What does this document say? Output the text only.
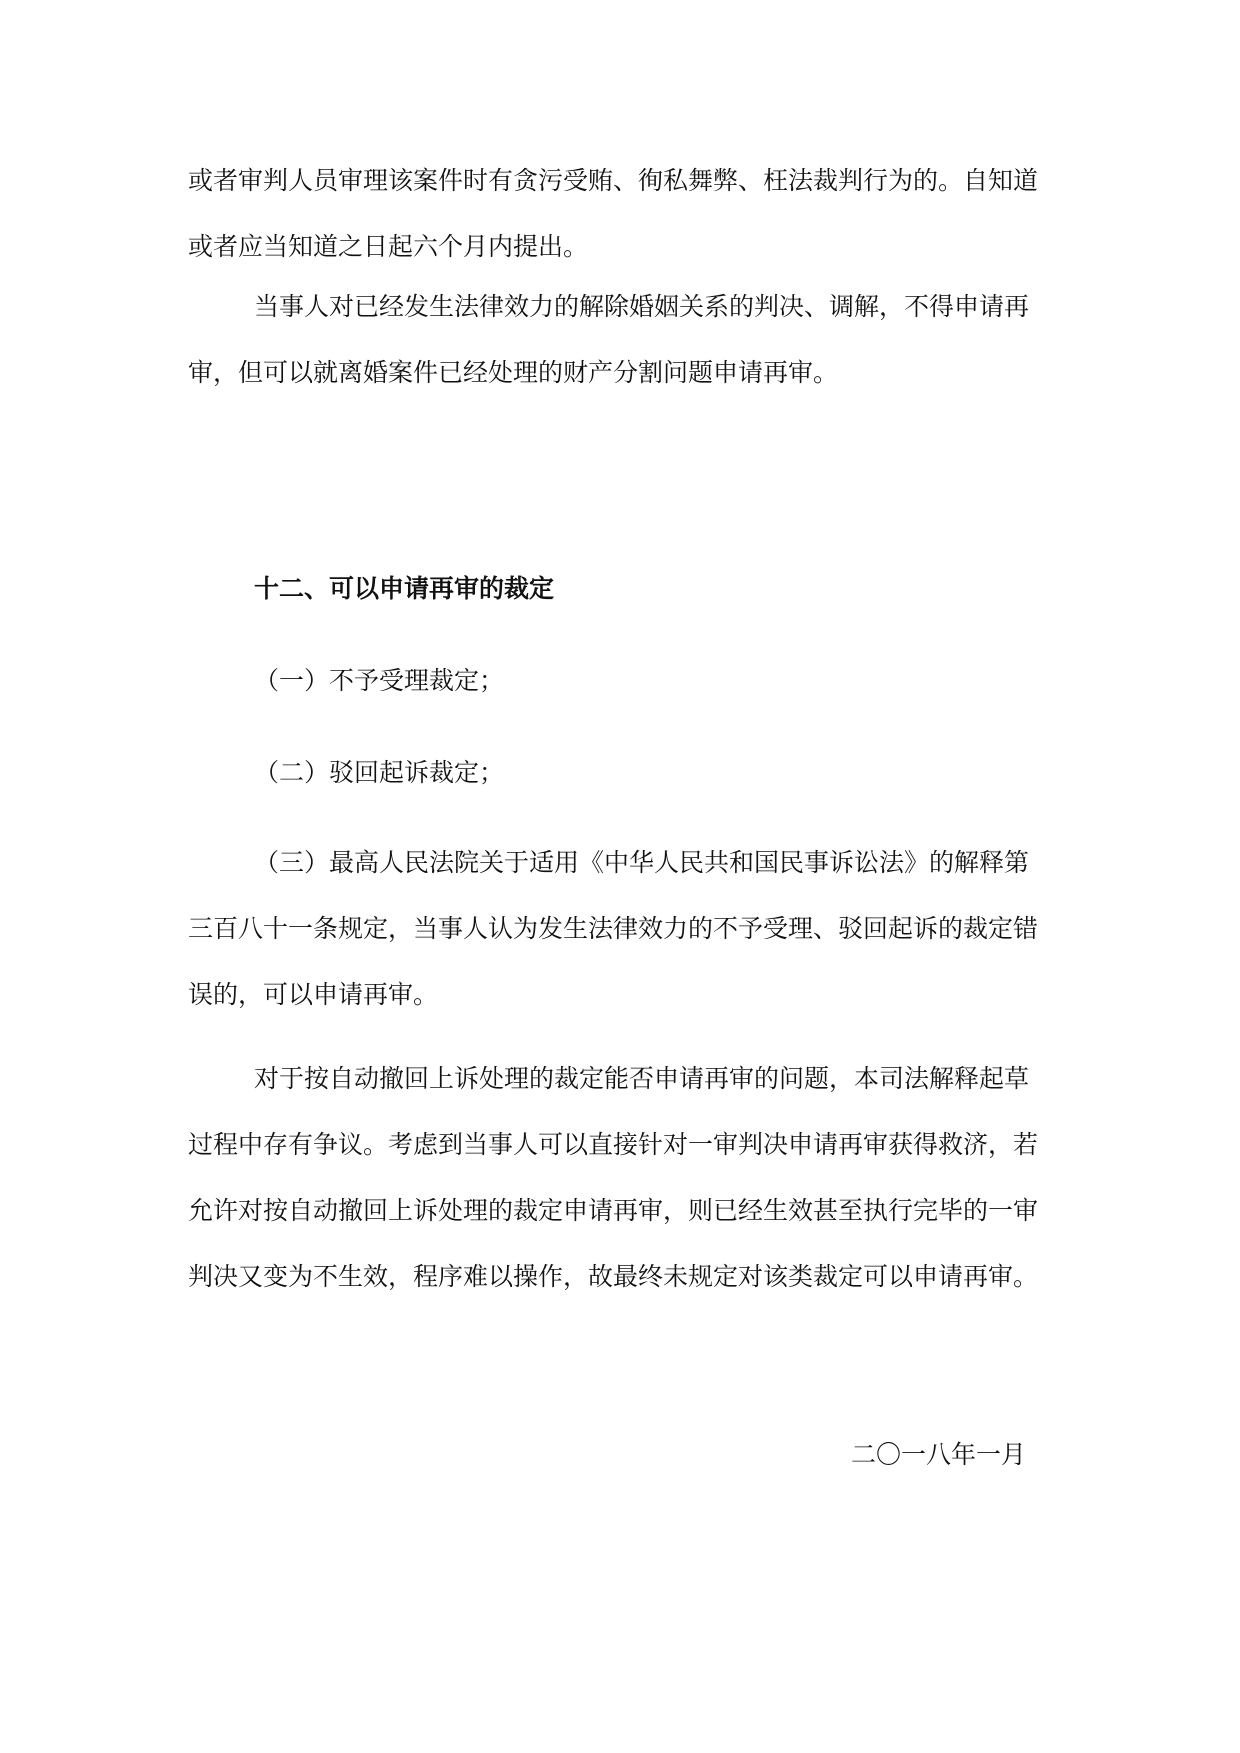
或者审判人员审理该案件时有贪污受贿、徇私舞弊、枉法裁判行为的。自知道
或者应当知道之日起六个月内提出。
当事人对已经发生法律效力的解除婚姻关系的判决、调解，不得申请再
审，但可以就离婚案件已经处理的财产分割问题申请再审。
十二、可以申请再审的裁定
（一）不予受理裁定；
（二）驳回起诉裁定；
（三）最高人民法院关于适用《中华人民共和国民事诉讼法》的解释第
三百八十一条规定，当事人认为发生法律效力的不予受理、驳回起诉的裁定错
误的，可以申请再审。
对于按自动撤回上诉处理的裁定能否申请再审的问题，本司法解释起草
过程中存有争议。考虑到当事人可以直接针对一审判决申请再审获得救济，若
允许对按自动撤回上诉处理的裁定申请再审，则已经生效甚至执行完毕的一审
判决又变为不生效，程序难以操作，故最终未规定对该类裁定可以申请再审。
二〇一八年一月
